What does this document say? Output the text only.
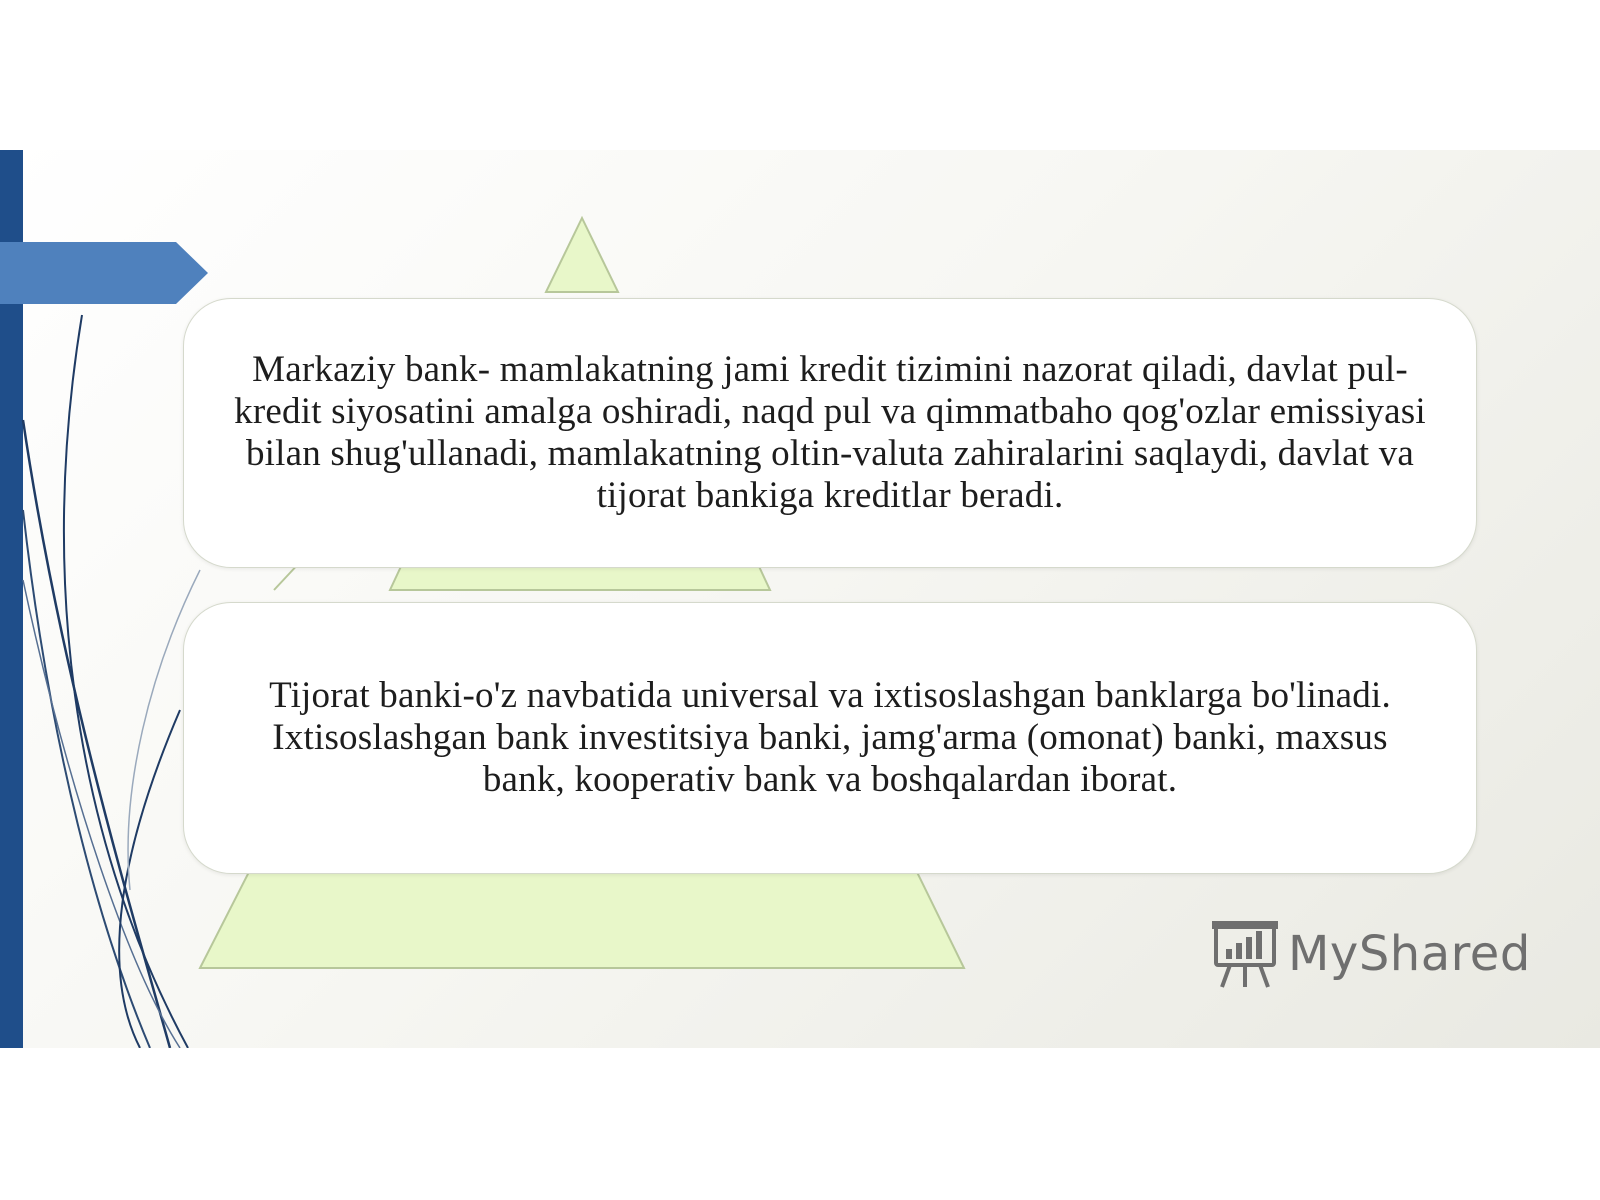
Markaziy bank- mamlakatning jami kredit tizimini nazorat qiladi, davlat pul-kredit siyosatini amalga oshiradi, naqd pul va qimmatbaho qog'ozlar emissiyasi bilan shug'ullanadi, mamlakatning oltin-valuta zahiralarini saqlaydi, davlat va tijorat bankiga kreditlar beradi.

Tijorat banki-o'z navbatida universal va ixtisoslashgan banklarga bo'linadi. Ixtisoslashgan bank investitsiya banki, jamg'arma (omonat) banki, maxsus bank, kooperativ bank va boshqalardan iborat.

MyShared
